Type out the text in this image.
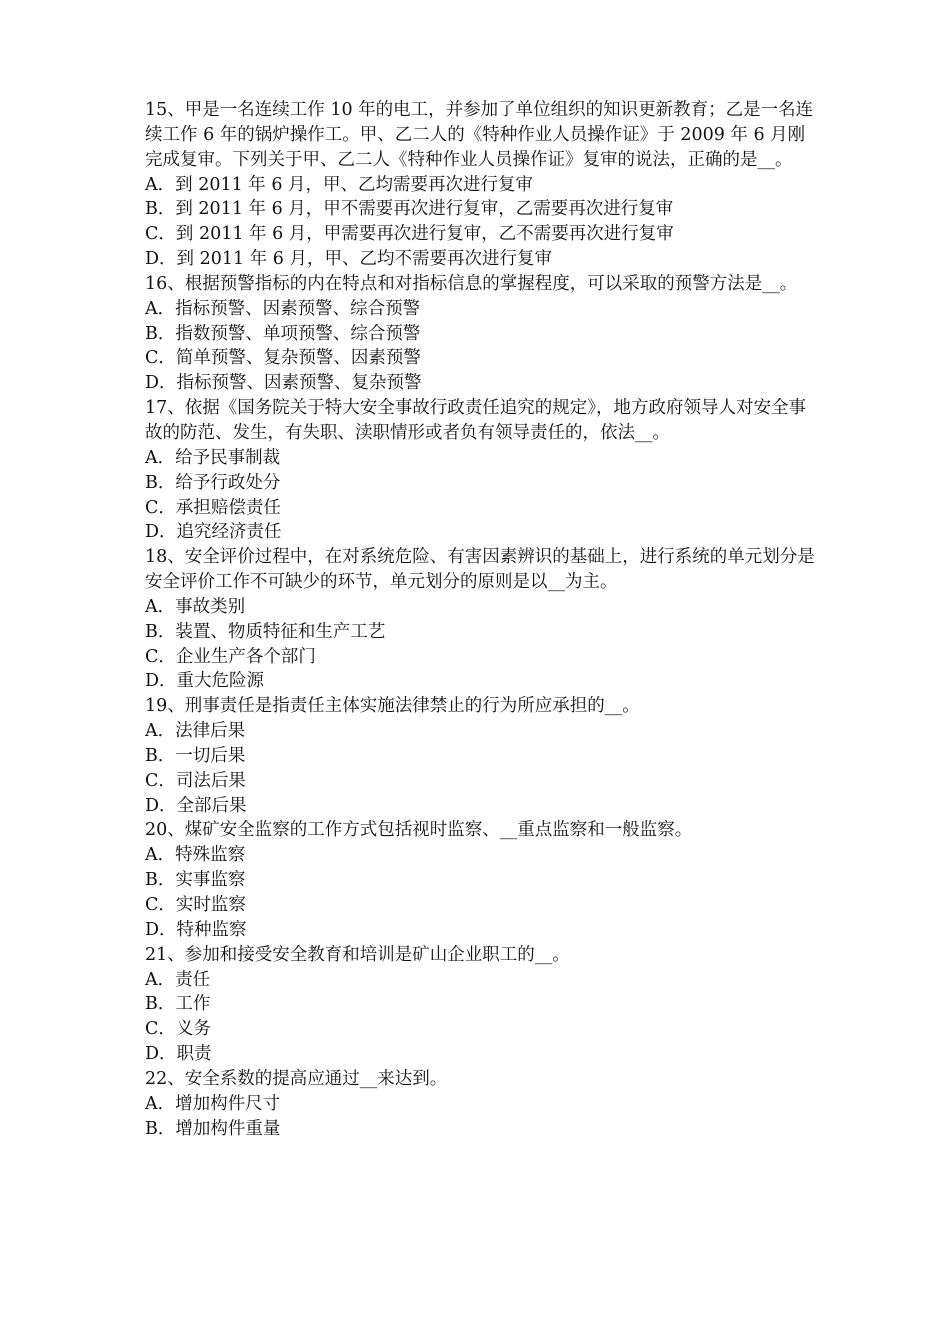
15、甲是一名连续工作 10 年的电工，并参加了单位组织的知识更新教育；乙是一名连续工作 6 年的锅炉操作工。甲、乙二人的《特种作业人员操作证》于 2009 年 6 月刚完成复审。下列关于甲、乙二人《特种作业人员操作证》复审的说法，正确的是__。

A．到 2011 年 6 月，甲、乙均需要再次进行复审

B．到 2011 年 6 月，甲不需要再次进行复审，乙需要再次进行复审

C．到 2011 年 6 月，甲需要再次进行复审，乙不需要再次进行复审

D．到 2011 年 6 月，甲、乙均不需要再次进行复审

16、根据预警指标的内在特点和对指标信息的掌握程度，可以采取的预警方法是__。

A．指标预警、因素预警、综合预警

B．指数预警、单项预警、综合预警

C．简单预警、复杂预警、因素预警

D．指标预警、因素预警、复杂预警

17、依据《国务院关于特大安全事故行政责任追究的规定》，地方政府领导人对安全事故的防范、发生，有失职、渎职情形或者负有领导责任的，依法__。

A．给予民事制裁

B．给予行政处分

C．承担赔偿责任

D．追究经济责任

18、安全评价过程中，在对系统危险、有害因素辨识的基础上，进行系统的单元划分是安全评价工作不可缺少的环节，单元划分的原则是以__为主。

A．事故类别

B．装置、物质特征和生产工艺

C．企业生产各个部门

D．重大危险源

19、刑事责任是指责任主体实施法律禁止的行为所应承担的__。

A．法律后果

B．一切后果

C．司法后果

D．全部后果

20、煤矿安全监察的工作方式包括视时监察、__重点监察和一般监察。

A．特殊监察

B．实事监察

C．实时监察

D．特种监察

21、参加和接受安全教育和培训是矿山企业职工的__。

A．责任

B．工作

C．义务

D．职责

22、安全系数的提高应通过__来达到。

A．增加构件尺寸

B．增加构件重量
